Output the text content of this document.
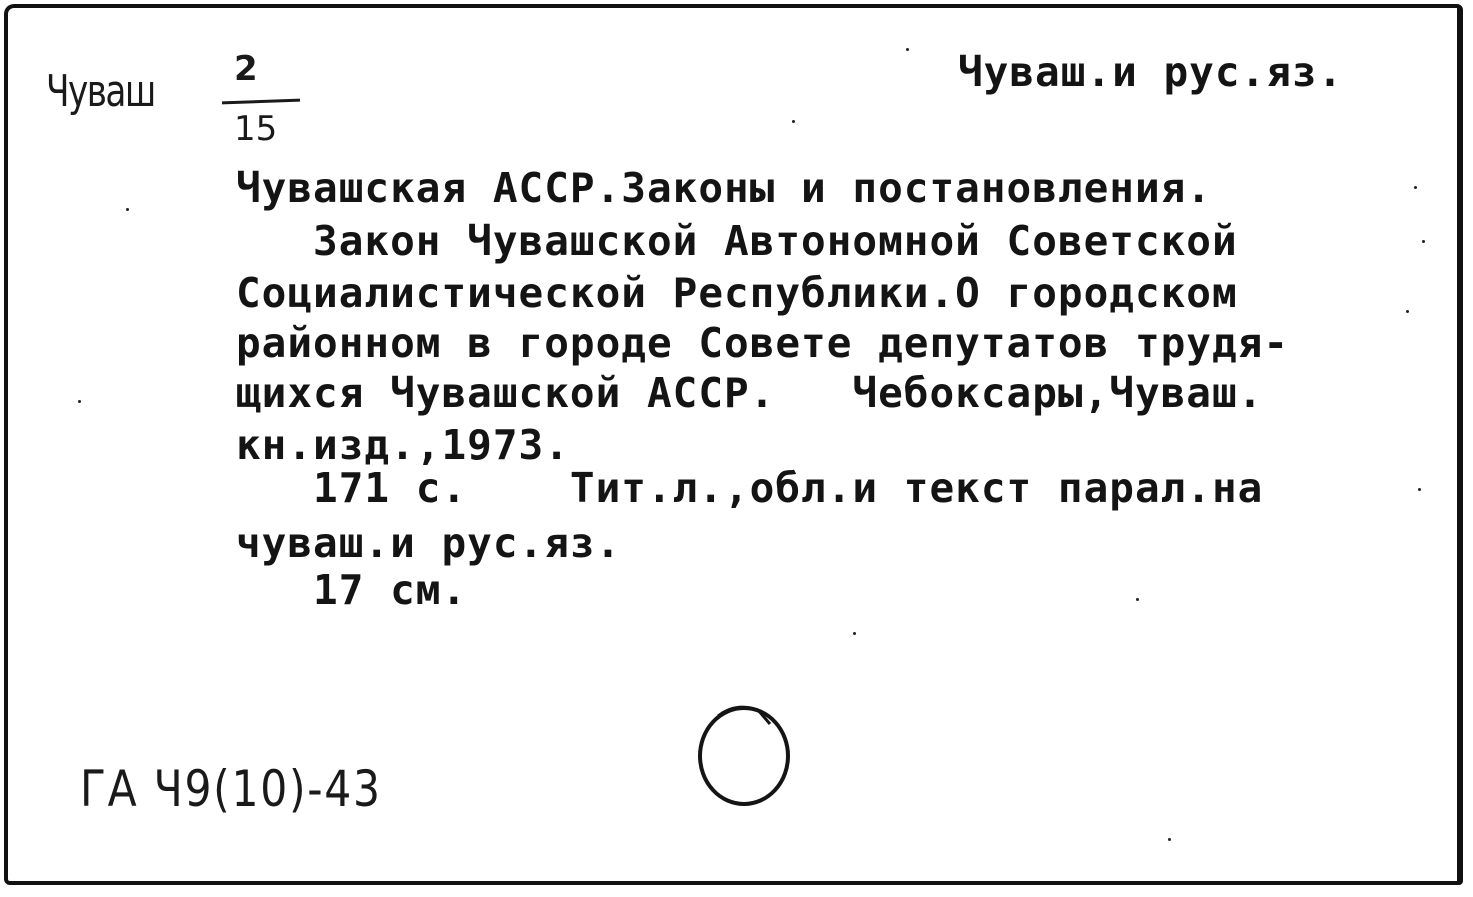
Чуваш 2
15
Чуваш.и рус.яз.
Чувашская АССР.Законы и постановления.
Закон Чувашской Автономной Советской
Социалистической Республики.О городском
районном в городе Совете депутатов трудя-
щихся Чувашской АССР.   Чебоксары,Чуваш.
кн.изд.,1973.
171 с.    Тит.л.,обл.и текст парал.на
чуваш.и рус.яз.
17 см.
ГА Ч9(10)-43
